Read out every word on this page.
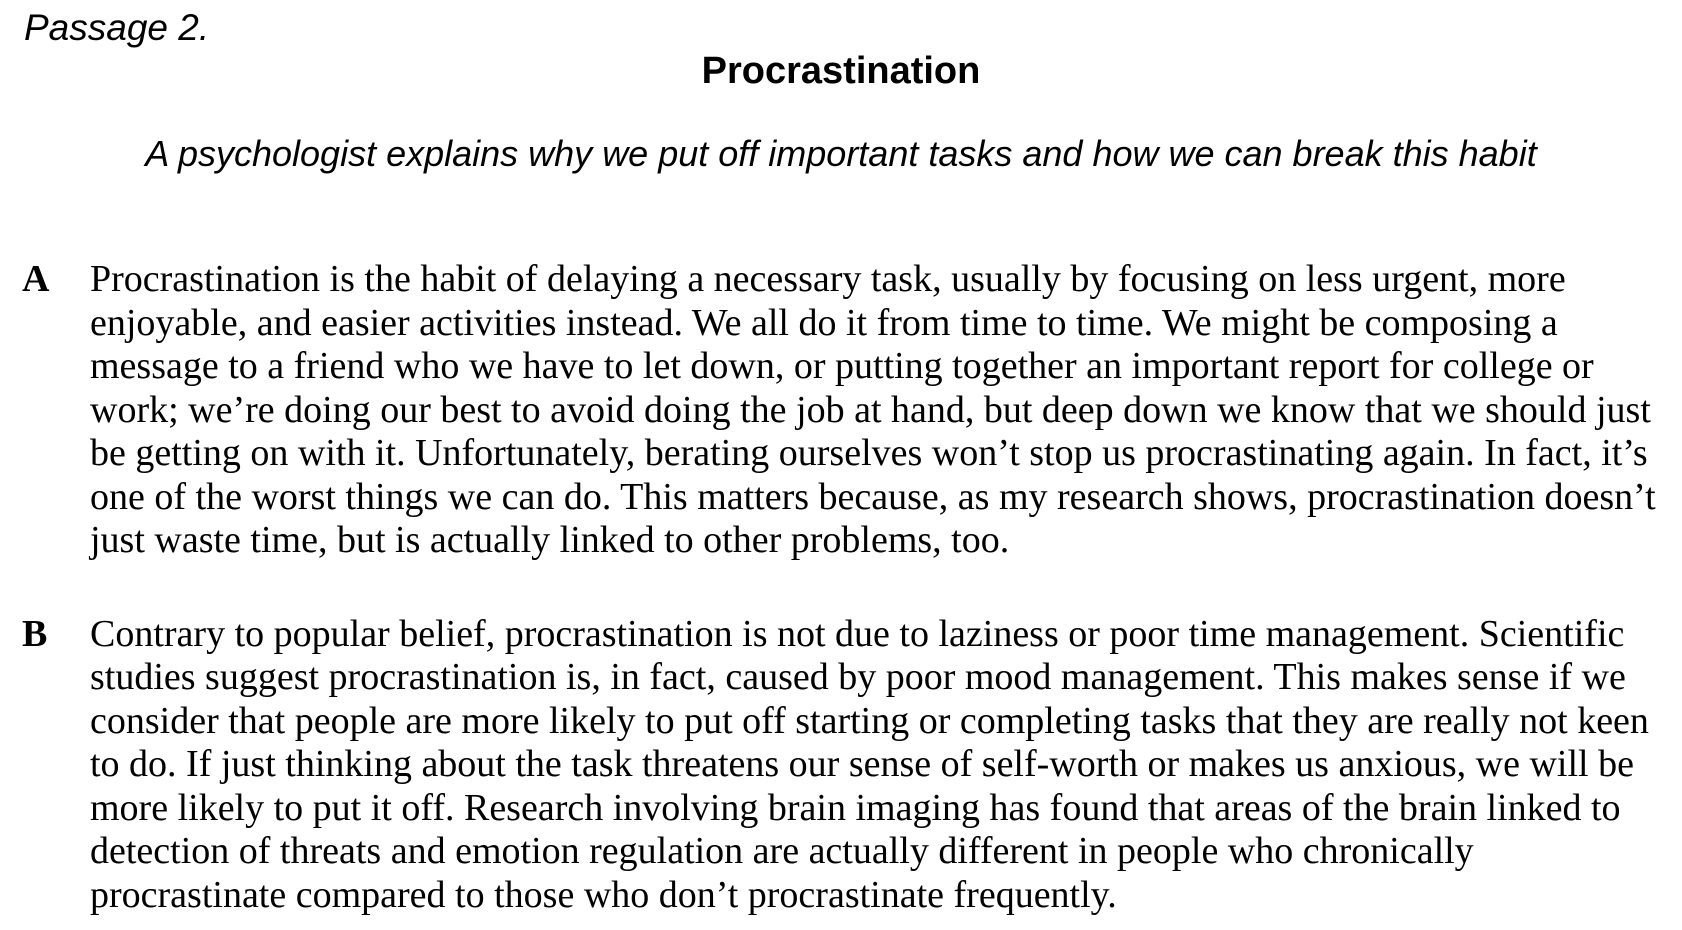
Passage 2.
Procrastination
A psychologist explains why we put off important tasks and how we can break this habit
A	Procrastination is the habit of delaying a necessary task, usually by focusing on less urgent, more enjoyable, and easier activities instead. We all do it from time to time. We might be composing a message to a friend who we have to let down, or putting together an important report for college or work; we’re doing our best to avoid doing the job at hand, but deep down we know that we should just be getting on with it. Unfortunately, berating ourselves won’t stop us procrastinating again. In fact, it’s one of the worst things we can do. This matters because, as my research shows, procrastination doesn’t just waste time, but is actually linked to other problems, too.
B	Contrary to popular belief, procrastination is not due to laziness or poor time management. Scientific studies suggest procrastination is, in fact, caused by poor mood management. This makes sense if we consider that people are more likely to put off starting or completing tasks that they are really not keen to do. If just thinking about the task threatens our sense of self-worth or makes us anxious, we will be more likely to put it off. Research involving brain imaging has found that areas of the brain linked to detection of threats and emotion regulation are actually different in people who chronically procrastinate compared to those who don’t procrastinate frequently.
